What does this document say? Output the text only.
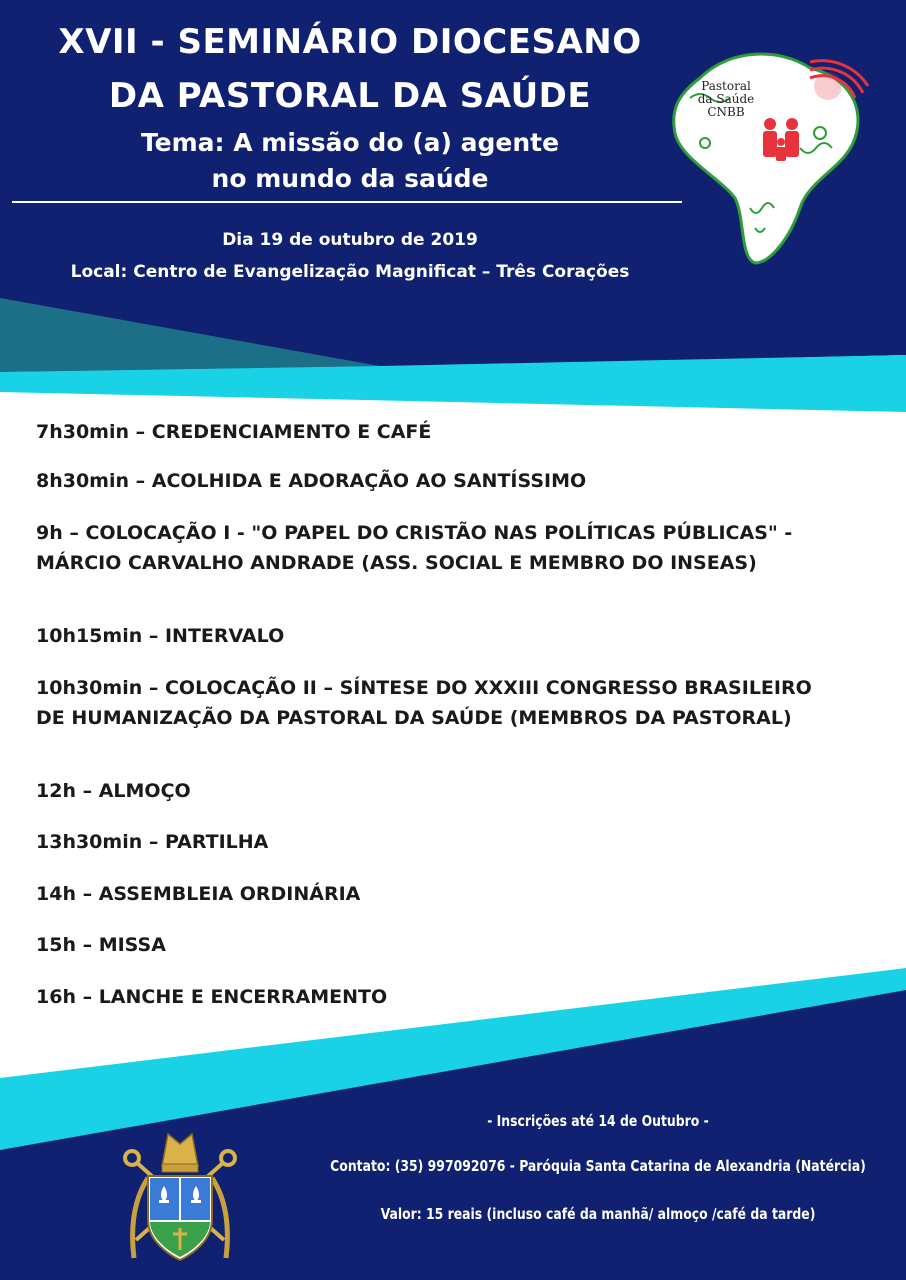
XVII - SEMINÁRIO DIOCESANO
DA PASTORAL DA SAÚDE
Tema: A missão do (a) agente
no mundo da saúde
Dia 19 de outubro de 2019
Local: Centro de Evangelização Magnificat – Três Corações
Pastoral
da Saúde
CNBB
7h30min – CREDENCIAMENTO E CAFÉ
8h30min – ACOLHIDA E ADORAÇÃO AO SANTÍSSIMO
9h – COLOCAÇÃO I - "O PAPEL DO CRISTÃO NAS POLÍTICAS PÚBLICAS" -
MÁRCIO CARVALHO ANDRADE (ASS. SOCIAL E MEMBRO DO INSEAS)
10h15min – INTERVALO
10h30min – COLOCAÇÃO II – SÍNTESE DO XXXIII CONGRESSO BRASILEIRO
DE HUMANIZAÇÃO DA PASTORAL DA SAÚDE (MEMBROS DA PASTORAL)
12h – ALMOÇO
13h30min – PARTILHA
14h – ASSEMBLEIA ORDINÁRIA
15h – MISSA
16h – LANCHE E ENCERRAMENTO
- Inscrições até 14 de Outubro -
Contato: (35) 997092076 - Paróquia Santa Catarina de Alexandria (Natércia)
Valor: 15 reais (incluso café da manhã/ almoço /café da tarde)
